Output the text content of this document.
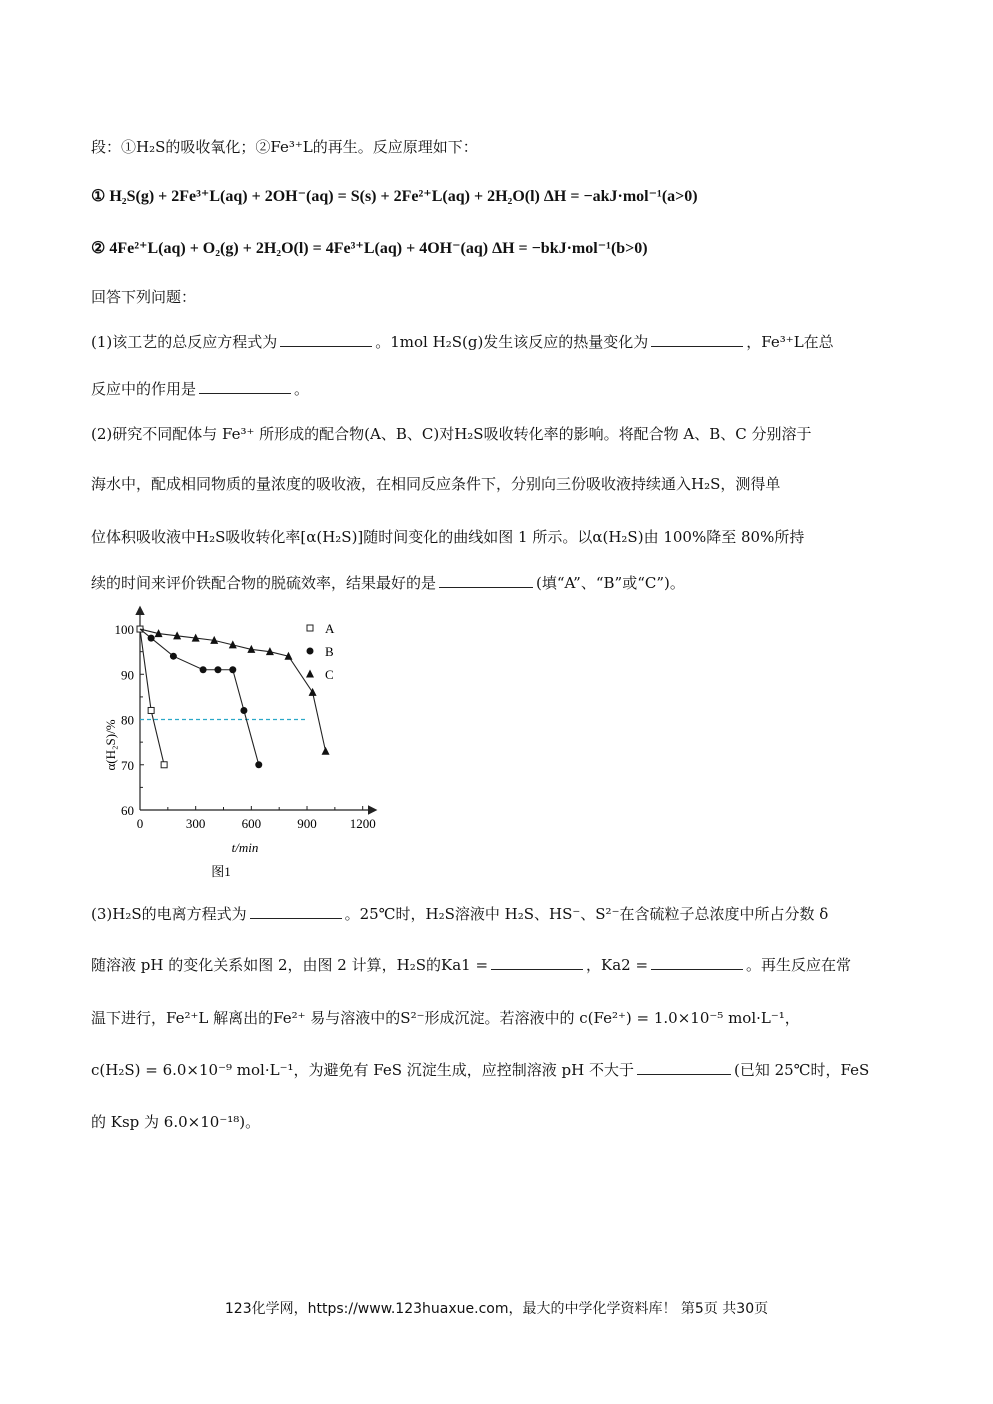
段：①H₂S的吸收氧化；②Fe³⁺L的再生。反应原理如下：
① H₂S(g) + 2Fe³⁺L(aq) + 2OH⁻(aq) = S(s) + 2Fe²⁺L(aq) + 2H₂O(l) ΔH = −akJ·mol⁻¹(a>0)
② 4Fe²⁺L(aq) + O₂(g) + 2H₂O(l) = 4Fe³⁺L(aq) + 4OH⁻(aq) ΔH = −bkJ·mol⁻¹(b>0)
回答下列问题：
(1)该工艺的总反应方程式为	。1mol H₂S(g)发生该反应的热量变化为	，Fe³⁺L在总
反应中的作用是	。
(2)研究不同配体与 Fe³⁺ 所形成的配合物(A、B、C)对H₂S吸收转化率的影响。将配合物 A、B、C 分别溶于
海水中，配成相同物质的量浓度的吸收液，在相同反应条件下，分别向三份吸收液持续通入H₂S，测得单
位体积吸收液中H₂S吸收转化率[α(H₂S)]随时间变化的曲线如图 1 所示。以α(H₂S)由 100%降至 80%所持
续的时间来评价铁配合物的脱硫效率，结果最好的是	(填“A”、“B”或“C”)。
0	300	600	900	1200
60
70
80
90
100	A
B
C
α(H₂S)/%
t/min
图1
(3)H₂S的电离方程式为	。25℃时，H₂S溶液中 H₂S、HS⁻、S²⁻在含硫粒子总浓度中所占分数 δ
随溶液 pH 的变化关系如图 2，由图 2 计算，H₂S的Ka1 =	，Ka2 =	。再生反应在常
温下进行，Fe²⁺L 解离出的Fe²⁺ 易与溶液中的S²⁻形成沉淀。若溶液中的 c(Fe²⁺) = 1.0×10⁻⁵ mol·L⁻¹，
c(H₂S) = 6.0×10⁻⁹ mol·L⁻¹，为避免有 FeS 沉淀生成，应控制溶液 pH 不大于	(已知 25℃时，FeS
的 Ksp 为 6.0×10⁻¹⁸)。
123化学网，https://www.123huaxue.com，最大的中学化学资料库！ 第5页 共30页
